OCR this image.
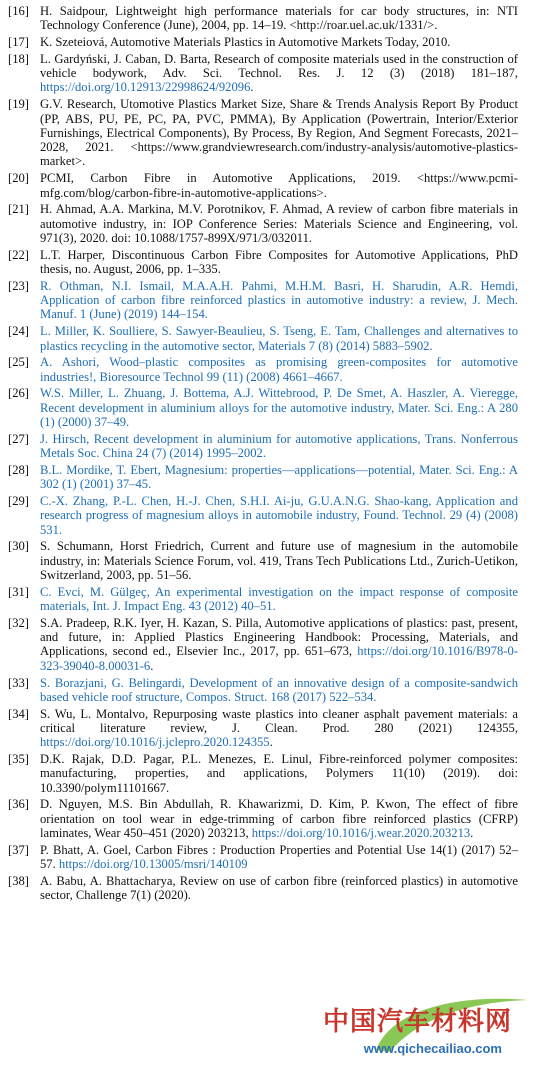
[16] H. Saidpour, Lightweight high performance materials for car body structures, in: NTI Technology Conference (June), 2004, pp. 14–19. <http://roar.uel.ac.uk/1331/>.
[17] K. Szeteiová, Automotive Materials Plastics in Automotive Markets Today, 2010.
[18] L. Gardyński, J. Caban, D. Barta, Research of composite materials used in the construction of vehicle bodywork, Adv. Sci. Technol. Res. J. 12 (3) (2018) 181–187, https://doi.org/10.12913/22998624/92096.
[19] G.V. Research, Utomotive Plastics Market Size, Share & Trends Analysis Report By Product (PP, ABS, PU, PE, PC, PA, PVC, PMMA), By Application (Powertrain, Interior/Exterior Furnishings, Electrical Components), By Process, By Region, And Segment Forecasts, 2021–2028, 2021. <https://www.grandviewresearch.com/industry-analysis/automotive-plastics-market>.
[20] PCMI, Carbon Fibre in Automotive Applications, 2019. <https://www.pcmi-mfg.com/blog/carbon-fibre-in-automotive-applications>.
[21] H. Ahmad, A.A. Markina, M.V. Porotnikov, F. Ahmad, A review of carbon fibre materials in automotive industry, in: IOP Conference Series: Materials Science and Engineering, vol. 971(3), 2020. doi: 10.1088/1757-899X/971/3/032011.
[22] L.T. Harper, Discontinuous Carbon Fibre Composites for Automotive Applications, PhD thesis, no. August, 2006, pp. 1–335.
[23] R. Othman, N.I. Ismail, M.A.A.H. Pahmi, M.H.M. Basri, H. Sharudin, A.R. Hemdi, Application of carbon fibre reinforced plastics in automotive industry: a review, J. Mech. Manuf. 1 (June) (2019) 144–154.
[24] L. Miller, K. Soulliere, S. Sawyer-Beaulieu, S. Tseng, E. Tam, Challenges and alternatives to plastics recycling in the automotive sector, Materials 7 (8) (2014) 5883–5902.
[25] A. Ashori, Wood–plastic composites as promising green-composites for automotive industries!, Bioresource Technol 99 (11) (2008) 4661–4667.
[26] W.S. Miller, L. Zhuang, J. Bottema, A.J. Wittebrood, P. De Smet, A. Haszler, A. Vieregge, Recent development in aluminium alloys for the automotive industry, Mater. Sci. Eng.: A 280 (1) (2000) 37–49.
[27] J. Hirsch, Recent development in aluminium for automotive applications, Trans. Nonferrous Metals Soc. China 24 (7) (2014) 1995–2002.
[28] B.L. Mordike, T. Ebert, Magnesium: properties—applications—potential, Mater. Sci. Eng.: A 302 (1) (2001) 37–45.
[29] C.-X. Zhang, P.-L. Chen, H.-J. Chen, S.H.I. Ai-ju, G.U.A.N.G. Shao-kang, Application and research progress of magnesium alloys in automobile industry, Found. Technol. 29 (4) (2008) 531.
[30] S. Schumann, Horst Friedrich, Current and future use of magnesium in the automobile industry, in: Materials Science Forum, vol. 419, Trans Tech Publications Ltd., Zurich-Uetikon, Switzerland, 2003, pp. 51–56.
[31] C. Evci, M. Gülgeç, An experimental investigation on the impact response of composite materials, Int. J. Impact Eng. 43 (2012) 40–51.
[32] S.A. Pradeep, R.K. Iyer, H. Kazan, S. Pilla, Automotive applications of plastics: past, present, and future, in: Applied Plastics Engineering Handbook: Processing, Materials, and Applications, second ed., Elsevier Inc., 2017, pp. 651–673, https://doi.org/10.1016/B978-0-323-39040-8.00031-6.
[33] S. Borazjani, G. Belingardi, Development of an innovative design of a composite-sandwich based vehicle roof structure, Compos. Struct. 168 (2017) 522–534.
[34] S. Wu, L. Montalvo, Repurposing waste plastics into cleaner asphalt pavement materials: a critical literature review, J. Clean. Prod. 280 (2021) 124355, https://doi.org/10.1016/j.jclepro.2020.124355.
[35] D.K. Rajak, D.D. Pagar, P.L. Menezes, E. Linul, Fibre-reinforced polymer composites: manufacturing, properties, and applications, Polymers 11(10) (2019). doi: 10.3390/polym11101667.
[36] D. Nguyen, M.S. Bin Abdullah, R. Khawarizmi, D. Kim, P. Kwon, The effect of fibre orientation on tool wear in edge-trimming of carbon fibre reinforced plastics (CFRP) laminates, Wear 450–451 (2020) 203213, https://doi.org/10.1016/j.wear.2020.203213.
[37] P. Bhatt, A. Goel, Carbon Fibres : Production Properties and Potential Use 14(1) (2017) 52–57. https://doi.org/10.13005/msri/140109
[38] A. Babu, A. Bhattacharya, Review on use of carbon fibre (reinforced plastics) in automotive sector, Challenge 7(1) (2020).
中国汽车材料网
www.qichecailiao.com
